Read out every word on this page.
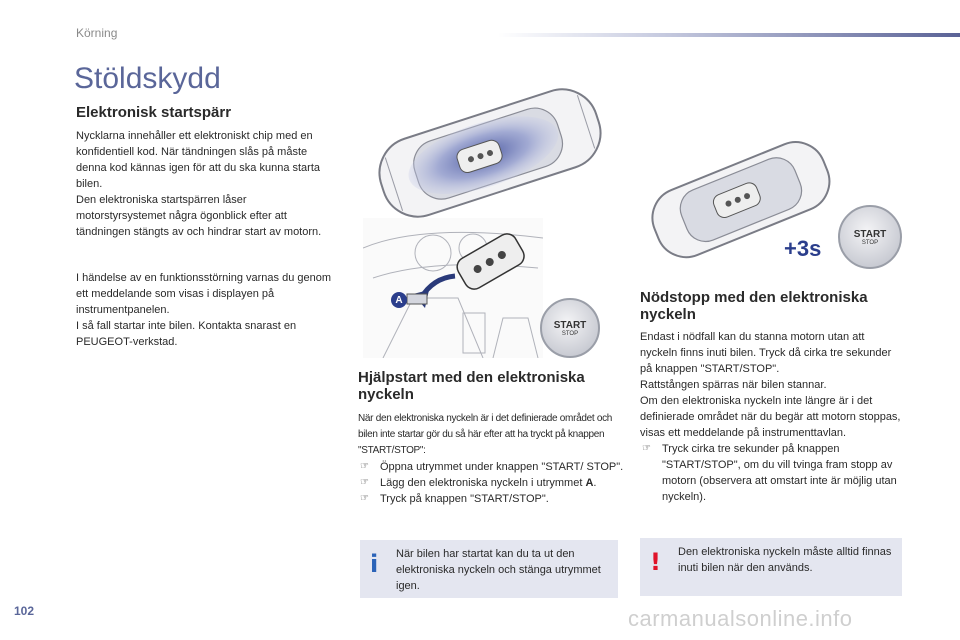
Körning
Stöldskydd
Elektronisk startspärr

Nycklarna innehåller ett elektroniskt chip med en konfidentiell kod. När tändningen slås på måste denna kod kännas igen för att du ska kunna starta bilen.

Den elektroniska startspärren låser motorstyrsystemet några ögonblick efter att tändningen stängts av och hindrar start av motorn.

I händelse av en funktionsstörning varnas du genom ett meddelande som visas i displayen på instrumentpanelen.

I så fall startar inte bilen. Kontakta snarast en PEUGEOT-verkstad.

A
START
STOP
Hjälpstart med den elektroniska nyckeln

När den elektroniska nyckeln är i det definierade området och bilen inte startar gör du så här efter att ha tryckt på knappen "START/STOP":

☞ Öppna utrymmet under knappen "START/ STOP".
☞ Lägg den elektroniska nyckeln i utrymmet A.
☞ Tryck på knappen "START/STOP".
i När bilen har startat kan du ta ut den elektroniska nyckeln och stänga utrymmet igen.
+3s
START
STOP
Nödstopp med den elektroniska nyckeln

Endast i nödfall kan du stanna motorn utan att nyckeln finns inuti bilen. Tryck då cirka tre sekunder på knappen "START/STOP".

Rattstången spärras när bilen stannar.

Om den elektroniska nyckeln inte längre är i det definierade området när du begär att motorn stoppas, visas ett meddelande på instrumenttavlan.

☞ Tryck cirka tre sekunder på knappen "START/STOP", om du vill tvinga fram stopp av motorn (observera att omstart inte är möjlig utan nyckeln).
! Den elektroniska nyckeln måste alltid finnas inuti bilen när den används.
102	carmanualsonline.info
